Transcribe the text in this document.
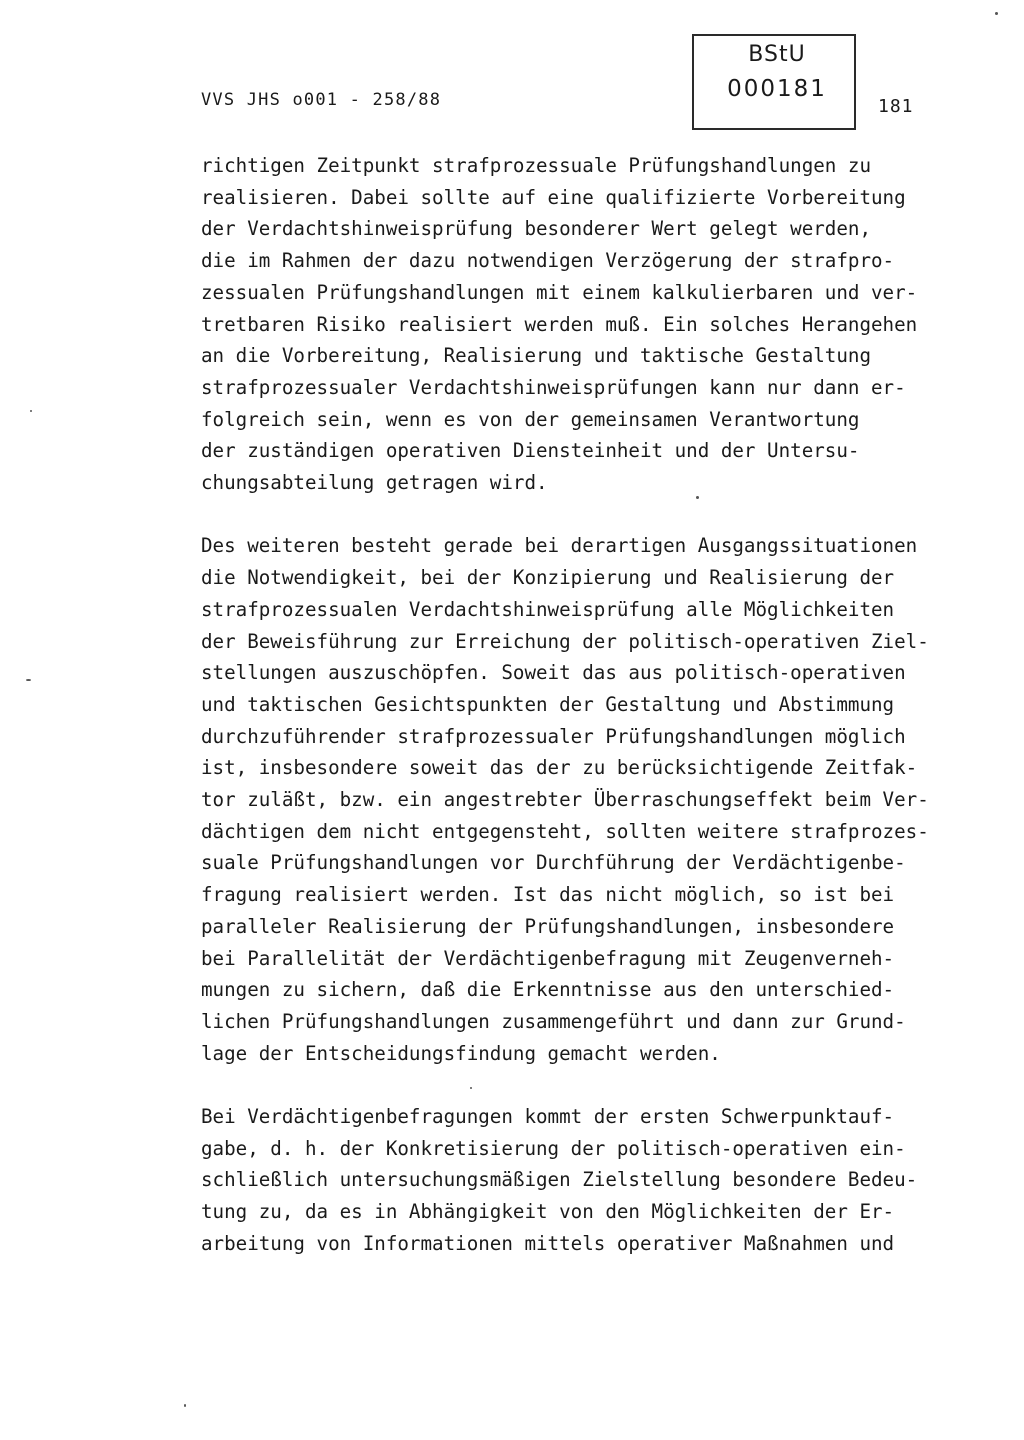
VVS JHS o001 - 258/88
BStU
000181
181
richtigen Zeitpunkt strafprozessuale Prüfungshandlungen zu
realisieren. Dabei sollte auf eine qualifizierte Vorbereitung
der Verdachtshinweisprüfung besonderer Wert gelegt werden,
die im Rahmen der dazu notwendigen Verzögerung der strafpro-
zessualen Prüfungshandlungen mit einem kalkulierbaren und ver-
tretbaren Risiko realisiert werden muß. Ein solches Herangehen
an die Vorbereitung, Realisierung und taktische Gestaltung
strafprozessualer Verdachtshinweisprüfungen kann nur dann er-
folgreich sein, wenn es von der gemeinsamen Verantwortung
der zuständigen operativen Diensteinheit und der Untersu-
chungsabteilung getragen wird.
Des weiteren besteht gerade bei derartigen Ausgangssituationen
die Notwendigkeit, bei der Konzipierung und Realisierung der
strafprozessualen Verdachtshinweisprüfung alle Möglichkeiten
der Beweisführung zur Erreichung der politisch-operativen Ziel-
stellungen auszuschöpfen. Soweit das aus politisch-operativen
und taktischen Gesichtspunkten der Gestaltung und Abstimmung
durchzuführender strafprozessualer Prüfungshandlungen möglich
ist, insbesondere soweit das der zu berücksichtigende Zeitfak-
tor zuläßt, bzw. ein angestrebter Überraschungseffekt beim Ver-
dächtigen dem nicht entgegensteht, sollten weitere strafprozes-
suale Prüfungshandlungen vor Durchführung der Verdächtigenbe-
fragung realisiert werden. Ist das nicht möglich, so ist bei
paralleler Realisierung der Prüfungshandlungen, insbesondere
bei Parallelität der Verdächtigenbefragung mit Zeugenverneh-
mungen zu sichern, daß die Erkenntnisse aus den unterschied-
lichen Prüfungshandlungen zusammengeführt und dann zur Grund-
lage der Entscheidungsfindung gemacht werden.
Bei Verdächtigenbefragungen kommt der ersten Schwerpunktauf-
gabe, d. h. der Konkretisierung der politisch-operativen ein-
schließlich untersuchungsmäßigen Zielstellung besondere Bedeu-
tung zu, da es in Abhängigkeit von den Möglichkeiten der Er-
arbeitung von Informationen mittels operativer Maßnahmen und
